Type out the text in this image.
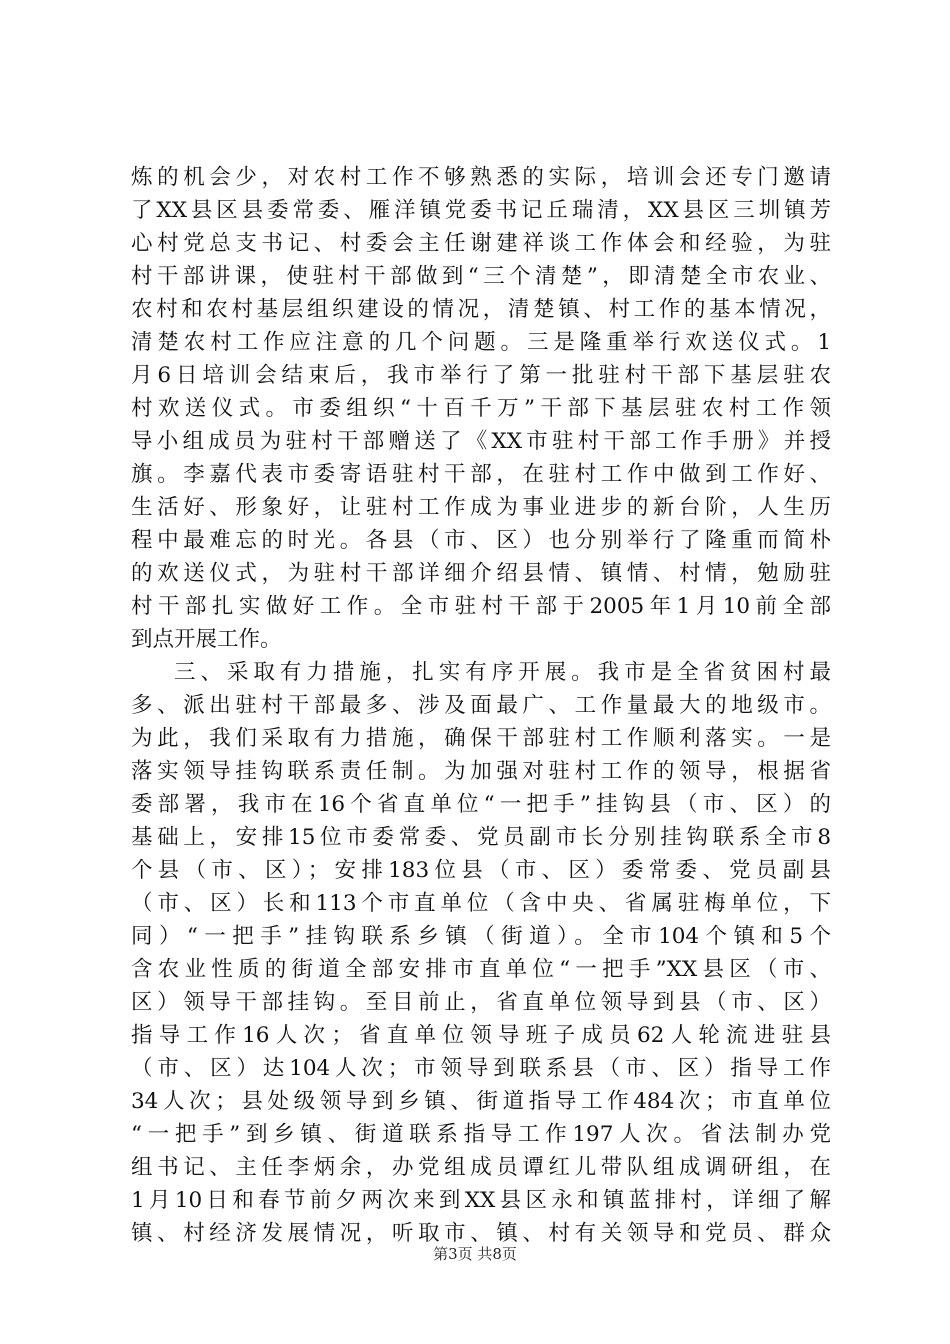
炼的机会少，对农村工作不够熟悉的实际，培训会还专门邀请
了XX县区县委常委、雁洋镇党委书记丘瑞清，XX县区三圳镇芳
心村党总支书记、村委会主任谢建祥谈工作体会和经验，为驻
村干部讲课，使驻村干部做到“三个清楚”，即清楚全市农业、
农村和农村基层组织建设的情况，清楚镇、村工作的基本情况，
清楚农村工作应注意的几个问题。三是隆重举行欢送仪式。1
月6日培训会结束后，我市举行了第一批驻村干部下基层驻农
村欢送仪式。市委组织“十百千万”干部下基层驻农村工作领
导小组成员为驻村干部赠送了《XX市驻村干部工作手册》并授
旗。李嘉代表市委寄语驻村干部，在驻村工作中做到工作好、
生活好、形象好，让驻村工作成为事业进步的新台阶，人生历
程中最难忘的时光。各县（市、区）也分别举行了隆重而简朴
的欢送仪式，为驻村干部详细介绍县情、镇情、村情，勉励驻
村干部扎实做好工作。全市驻村干部于2005年1月10前全部
到点开展工作。
三、采取有力措施，扎实有序开展。我市是全省贫困村最
多、派出驻村干部最多、涉及面最广、工作量最大的地级市。
为此，我们采取有力措施，确保干部驻村工作顺利落实。一是
落实领导挂钩联系责任制。为加强对驻村工作的领导，根据省
委部署，我市在16个省直单位“一把手”挂钩县（市、区）的
基础上，安排15位市委常委、党员副市长分别挂钩联系全市8
个县（市、区）；安排183位县（市、区）委常委、党员副县
（市、区）长和113个市直单位（含中央、省属驻梅单位，下
同）“一把手”挂钩联系乡镇（街道）。全市104个镇和5个
含农业性质的街道全部安排市直单位“一把手”XX县区（市、
区）领导干部挂钩。至目前止，省直单位领导到县（市、区）
指导工作16人次；省直单位领导班子成员62人轮流进驻县
（市、区）达104人次；市领导到联系县（市、区）指导工作
34人次；县处级领导到乡镇、街道指导工作484次；市直单位
“一把手”到乡镇、街道联系指导工作197人次。省法制办党
组书记、主任李炳余，办党组成员谭红儿带队组成调研组，在
1月10日和春节前夕两次来到XX县区永和镇蓝排村，详细了解
镇、村经济发展情况，听取市、镇、村有关领导和党员、群众
第3页 共8页
